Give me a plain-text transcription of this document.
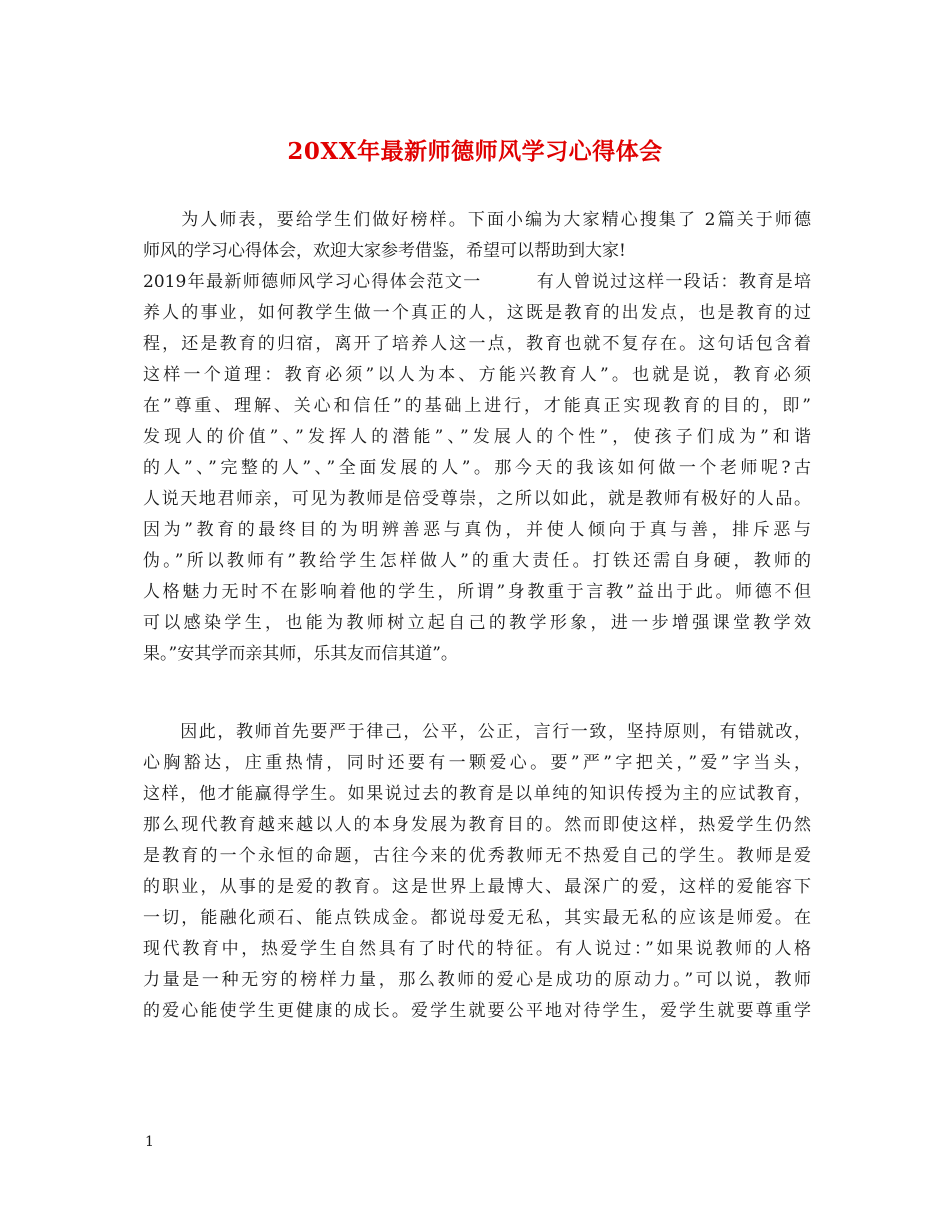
20XX年最新师德师风学习心得体会
　　为人师表，要给学生们做好榜样。下面小编为大家精心搜集了 2篇关于师德
师风的学习心得体会，欢迎大家参考借鉴，希望可以帮助到大家!
2019年最新师德师风学习心得体会范文一　　　有人曾说过这样一段话：教育是培
养人的事业，如何教学生做一个真正的人，这既是教育的出发点，也是教育的过
程，还是教育的归宿，离开了培养人这一点，教育也就不复存在。这句话包含着
这样一个道理：教育必须”以人为本、方能兴教育人”。也就是说，教育必须
在”尊重、理解、关心和信任”的基础上进行，才能真正实现教育的目的，即”
发现人的价值”、”发挥人的潜能”、”发展人的个性”，使孩子们成为”和谐
的人”、”完整的人”、”全面发展的人”。那今天的我该如何做一个老师呢?古
人说天地君师亲，可见为教师是倍受尊崇，之所以如此，就是教师有极好的人品。
因为”教育的最终目的为明辨善恶与真伪，并使人倾向于真与善，排斥恶与
伪。”所以教师有”教给学生怎样做人”的重大责任。打铁还需自身硬，教师的
人格魅力无时不在影响着他的学生，所谓”身教重于言教”益出于此。师德不但
可以感染学生，也能为教师树立起自己的教学形象，进一步增强课堂教学效
果。”安其学而亲其师，乐其友而信其道”。
　　因此，教师首先要严于律己，公平，公正，言行一致，坚持原则，有错就改，
心胸豁达，庄重热情，同时还要有一颗爱心。要”严”字把关，”爱”字当头，
这样，他才能赢得学生。如果说过去的教育是以单纯的知识传授为主的应试教育，
那么现代教育越来越以人的本身发展为教育目的。然而即使这样，热爱学生仍然
是教育的一个永恒的命题，古往今来的优秀教师无不热爱自己的学生。教师是爱
的职业，从事的是爱的教育。这是世界上最博大、最深广的爱，这样的爱能容下
一切，能融化顽石、能点铁成金。都说母爱无私，其实最无私的应该是师爱。在
现代教育中，热爱学生自然具有了时代的特征。有人说过：”如果说教师的人格
力量是一种无穷的榜样力量，那么教师的爱心是成功的原动力。”可以说，教师
的爱心能使学生更健康的成长。爱学生就要公平地对待学生，爱学生就要尊重学
1
